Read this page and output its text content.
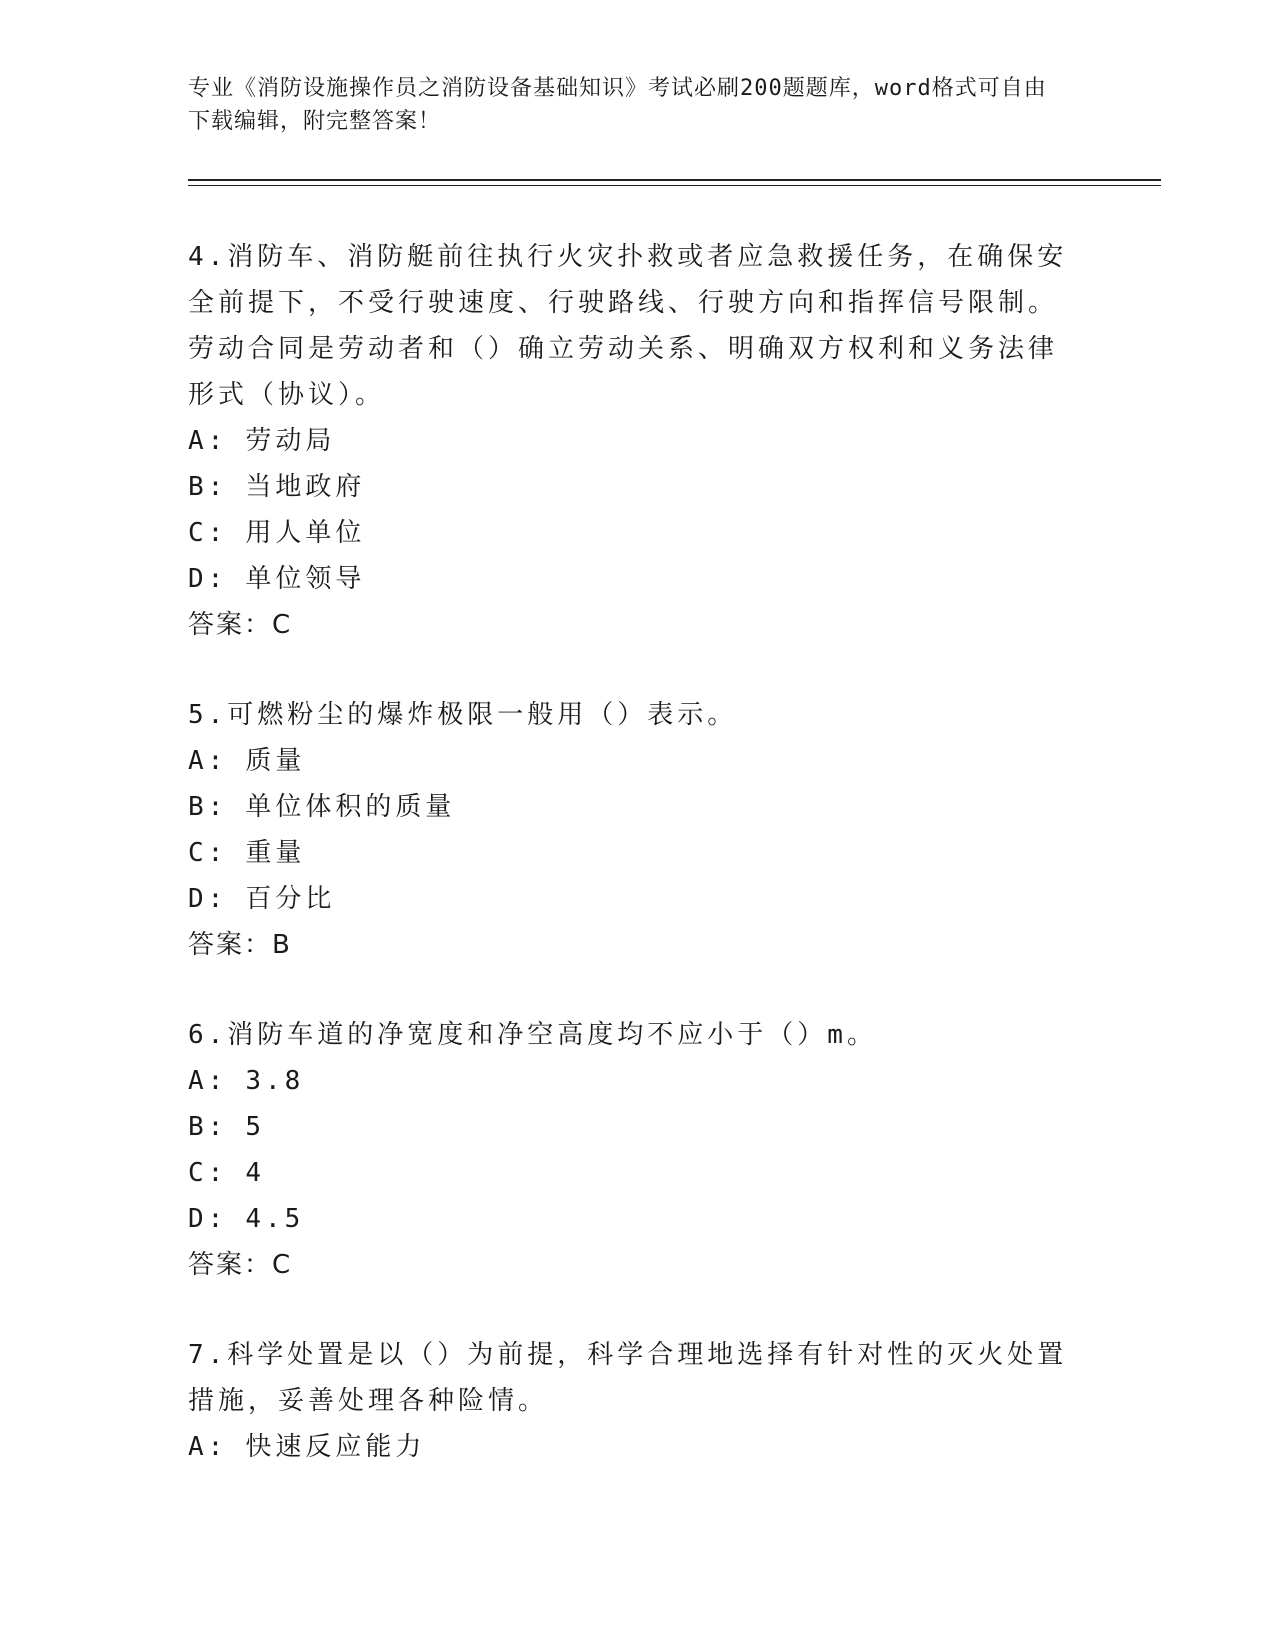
专业《消防设施操作员之消防设备基础知识》考试必刷200题题库，word格式可自由下载编辑，附完整答案！

4.消防车、消防艇前往执行火灾扑救或者应急救援任务，在确保安全前提下，不受行驶速度、行驶路线、行驶方向和指挥信号限制。劳动合同是劳动者和（）确立劳动关系、明确双方权利和义务法律形式（协议）。

A: 劳动局

B: 当地政府

C: 用人单位

D: 单位领导

答案：C

5.可燃粉尘的爆炸极限一般用（）表示。

A: 质量

B: 单位体积的质量

C: 重量

D: 百分比

答案：B

6.消防车道的净宽度和净空高度均不应小于（）m。

A: 3.8

B: 5

C: 4

D: 4.5

答案：C

7.科学处置是以（）为前提，科学合理地选择有针对性的灭火处置措施，妥善处理各种险情。

A: 快速反应能力
